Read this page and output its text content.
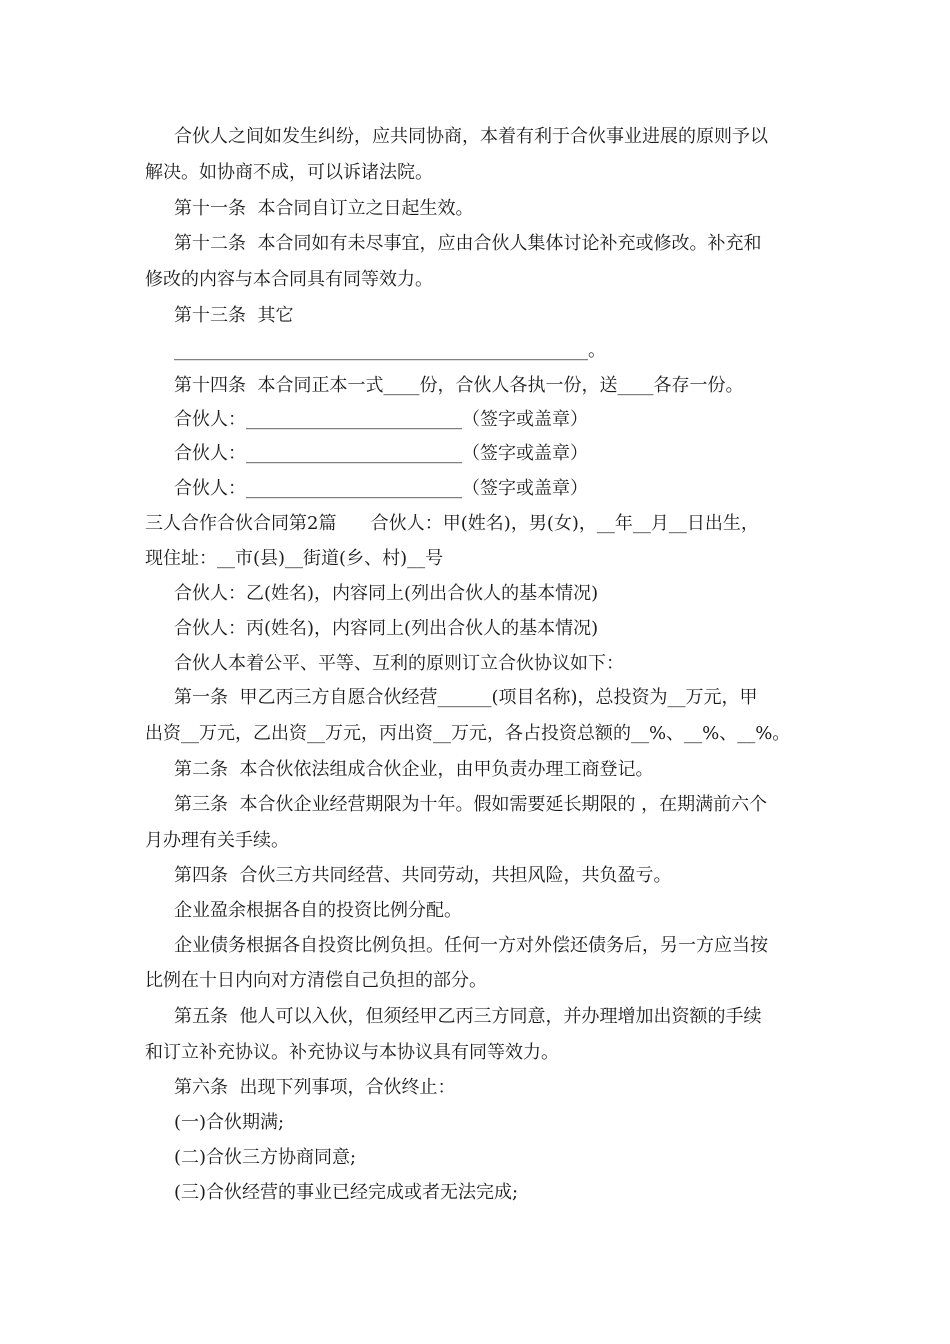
合伙人之间如发生纠纷，应共同协商，本着有利于合伙事业进展的原则予以
解决。如协商不成，可以诉诸法院。
第十一条  本合同自订立之日起生效。
第十二条  本合同如有未尽事宜，应由合伙人集体讨论补充或修改。补充和
修改的内容与本合同具有同等效力。
第十三条  其它
______________________________________________。
第十四条  本合同正本一式____份，合伙人各执一份，送____各存一份。
合伙人：________________________（签字或盖章）
合伙人：________________________（签字或盖章）
合伙人：________________________（签字或盖章）
三人合作合伙合同第2篇      合伙人：甲(姓名)，男(女)，__年__月__日出生，
现住址：__市(县)__街道(乡、村)__号
合伙人：乙(姓名)，内容同上(列出合伙人的基本情况)
合伙人：丙(姓名)，内容同上(列出合伙人的基本情况)
合伙人本着公平、平等、互利的原则订立合伙协议如下：
第一条  甲乙丙三方自愿合伙经营______(项目名称)，总投资为__万元，甲
出资__万元，乙出资__万元，丙出资__万元，各占投资总额的__%、__%、__%。
第二条  本合伙依法组成合伙企业，由甲负责办理工商登记。
第三条  本合伙企业经营期限为十年。假如需要延长期限的 ，在期满前六个
月办理有关手续。
第四条  合伙三方共同经营、共同劳动，共担风险，共负盈亏。
企业盈余根据各自的投资比例分配。
企业债务根据各自投资比例负担。任何一方对外偿还债务后，另一方应当按
比例在十日内向对方清偿自己负担的部分。
第五条  他人可以入伙，但须经甲乙丙三方同意，并办理增加出资额的手续
和订立补充协议。补充协议与本协议具有同等效力。
第六条  出现下列事项，合伙终止：
(一)合伙期满;
(二)合伙三方协商同意;
(三)合伙经营的事业已经完成或者无法完成;
